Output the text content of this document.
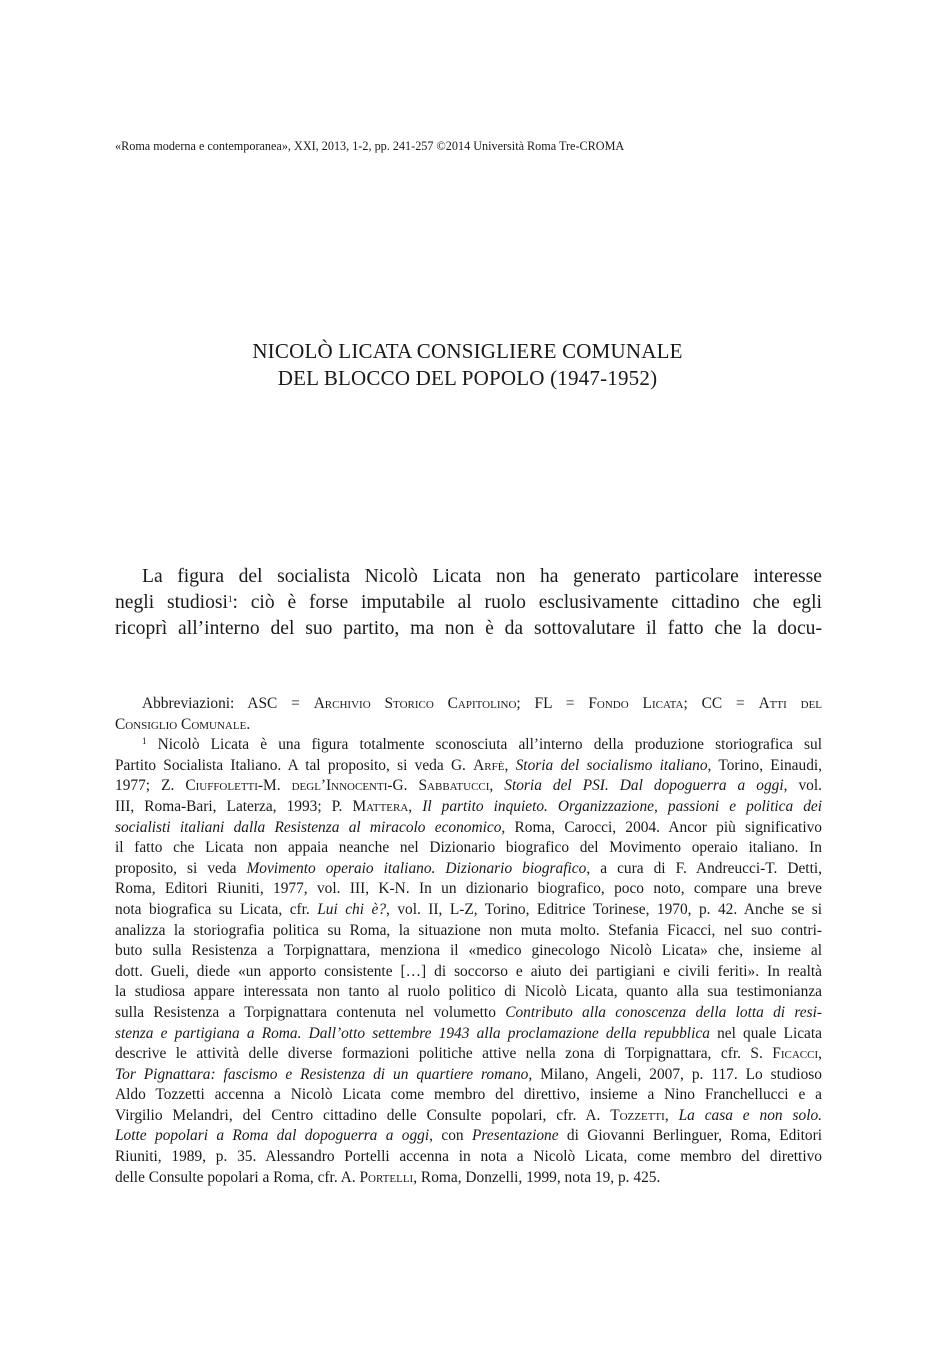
«Roma moderna e contemporanea», XXI, 2013, 1-2, pp. 241-257 ©2014 Università Roma Tre-CROMA
NICOLÒ LICATA CONSIGLIERE COMUNALE
DEL BLOCCO DEL POPOLO (1947-1952)
La figura del socialista Nicolò Licata non ha generato particolare interesse
negli studiosi$^1$: ciò è forse imputabile al ruolo esclusivamente cittadino che egli
ricoprì all’interno del suo partito, ma non è da sottovalutare il fatto che la docu-
Abbreviazioni: ASC = Archivio Storico Capitolino; FL = Fondo Licata; CC = Atti del
Consiglio Comunale.
$^1$ Nicolò Licata è una figura totalmente sconosciuta all’interno della produzione storiografica sul
Partito Socialista Italiano. A tal proposito, si veda G. Arfè, Storia del socialismo italiano, Torino, Einaudi,
1977; Z. Ciuffoletti-M. degl’Innocenti-G. Sabbatucci, Storia del PSI. Dal dopoguerra a oggi, vol.
III, Roma-Bari, Laterza, 1993; P. Mattera, Il partito inquieto. Organizzazione, passioni e politica dei
socialisti italiani dalla Resistenza al miracolo economico, Roma, Carocci, 2004. Ancor più significativo
il fatto che Licata non appaia neanche nel Dizionario biografico del Movimento operaio italiano. In
proposito, si veda Movimento operaio italiano. Dizionario biografico, a cura di F. Andreucci-T. Detti,
Roma, Editori Riuniti, 1977, vol. III, K-N. In un dizionario biografico, poco noto, compare una breve
nota biografica su Licata, cfr. Lui chi è?, vol. II, L-Z, Torino, Editrice Torinese, 1970, p. 42. Anche se si
analizza la storiografia politica su Roma, la situazione non muta molto. Stefania Ficacci, nel suo contri-
buto sulla Resistenza a Torpignattara, menziona il «medico ginecologo Nicolò Licata» che, insieme al
dott. Gueli, diede «un apporto consistente […] di soccorso e aiuto dei partigiani e civili feriti». In realtà
la studiosa appare interessata non tanto al ruolo politico di Nicolò Licata, quanto alla sua testimonianza
sulla Resistenza a Torpignattara contenuta nel volumetto Contributo alla conoscenza della lotta di resi-
stenza e partigiana a Roma. Dall’otto settembre 1943 alla proclamazione della repubblica nel quale Licata
descrive le attività delle diverse formazioni politiche attive nella zona di Torpignattara, cfr. S. Ficacci,
Tor Pignattara: fascismo e Resistenza di un quartiere romano, Milano, Angeli, 2007, p. 117. Lo studioso
Aldo Tozzetti accenna a Nicolò Licata come membro del direttivo, insieme a Nino Franchellucci e a
Virgilio Melandri, del Centro cittadino delle Consulte popolari, cfr. A. Tozzetti, La casa e non solo.
Lotte popolari a Roma dal dopoguerra a oggi, con Presentazione di Giovanni Berlinguer, Roma, Editori
Riuniti, 1989, p. 35. Alessandro Portelli accenna in nota a Nicolò Licata, come membro del direttivo
delle Consulte popolari a Roma, cfr. A. Portelli, Roma, Donzelli, 1999, nota 19, p. 425.
